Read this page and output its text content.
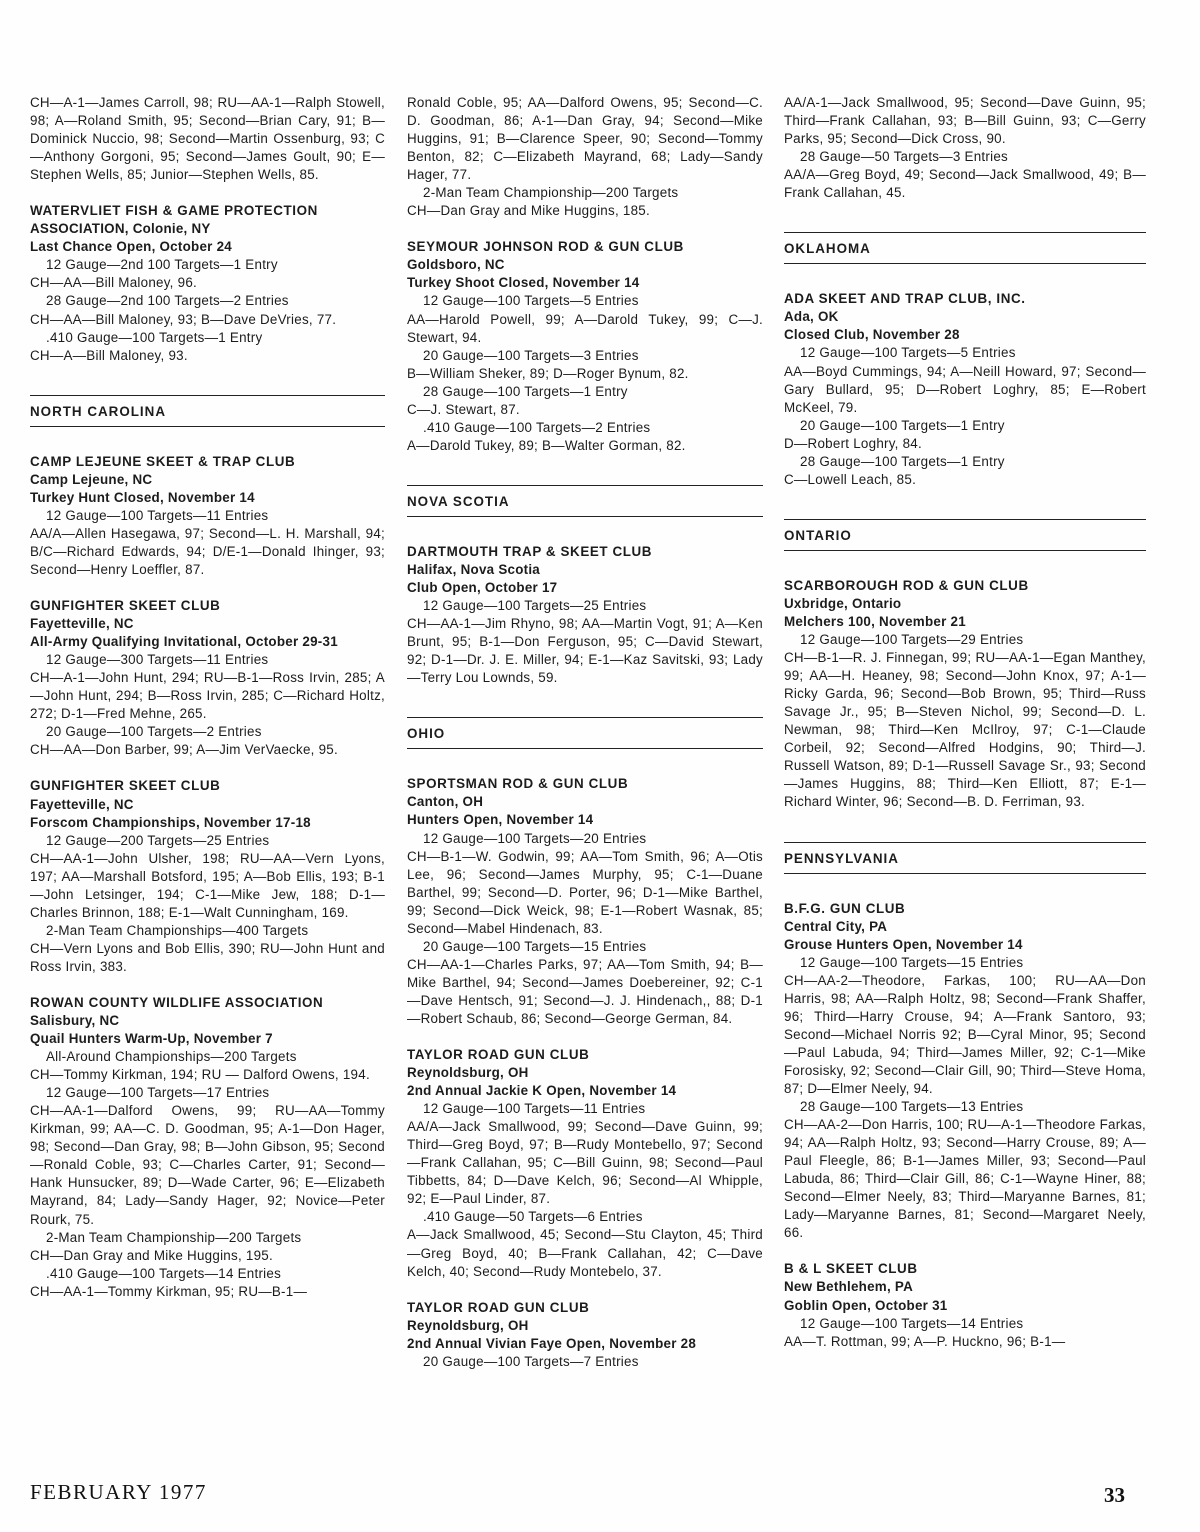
CH—A-1—James Carroll, 98; RU—AA-1—Ralph Stowell, 98; A—Roland Smith, 95; Second—Brian Cary, 91; B—Dominick Nuccio, 98; Second—Martin Ossenburg, 93; C—Anthony Gorgoni, 95; Second—James Goult, 90; E—Stephen Wells, 85; Junior—Stephen Wells, 85.

WATERVLIET FISH & GAME PROTECTION
ASSOCIATION, Colonie, NY
Last Chance Open, October 24

12 Gauge—2nd 100 Targets—1 Entry

CH—AA—Bill Maloney, 96.

28 Gauge—2nd 100 Targets—2 Entries

CH—AA—Bill Maloney, 93; B—Dave DeVries, 77.

.410 Gauge—100 Targets—1 Entry

CH—A—Bill Maloney, 93.

NORTH CAROLINA
CAMP LEJEUNE SKEET & TRAP CLUB
Camp Lejeune, NC
Turkey Hunt Closed, November 14

12 Gauge—100 Targets—11 Entries

AA/A—Allen Hasegawa, 97; Second—L. H. Marshall, 94; B/C—Richard Edwards, 94; D/E-1—Donald Ihinger, 93; Second—Henry Loeffler, 87.

GUNFIGHTER SKEET CLUB
Fayetteville, NC
All-Army Qualifying Invitational, October 29-31

12 Gauge—300 Targets—11 Entries

CH—A-1—John Hunt, 294; RU—B-1—Ross Irvin, 285; A—John Hunt, 294; B—Ross Irvin, 285; C—Richard Holtz, 272; D-1—Fred Mehne, 265.

20 Gauge—100 Targets—2 Entries

CH—AA—Don Barber, 99; A—Jim VerVaecke, 95.

GUNFIGHTER SKEET CLUB
Fayetteville, NC
Forscom Championships, November 17-18

12 Gauge—200 Targets—25 Entries

CH—AA-1—John Ulsher, 198; RU—AA—Vern Lyons, 197; AA—Marshall Botsford, 195; A—Bob Ellis, 193; B-1—John Letsinger, 194; C-1—Mike Jew, 188; D-1—Charles Brinnon, 188; E-1—Walt Cunningham, 169.

2-Man Team Championships—400 Targets

CH—Vern Lyons and Bob Ellis, 390; RU—John Hunt and Ross Irvin, 383.

ROWAN COUNTY WILDLIFE ASSOCIATION
Salisbury, NC
Quail Hunters Warm-Up, November 7

All-Around Championships—200 Targets

CH—Tommy Kirkman, 194; RU — Dalford Owens, 194.

12 Gauge—100 Targets—17 Entries

CH—AA-1—Dalford Owens, 99; RU—AA—Tommy Kirkman, 99; AA—C. D. Goodman, 95; A-1—Don Hager, 98; Second—Dan Gray, 98; B—John Gibson, 95; Second—Ronald Coble, 93; C—Charles Carter, 91; Second—Hank Hunsucker, 89; D—Wade Carter, 96; E—Elizabeth Mayrand, 84; Lady—Sandy Hager, 92; Novice—Peter Rourk, 75.

2-Man Team Championship—200 Targets

CH—Dan Gray and Mike Huggins, 195.

.410 Gauge—100 Targets—14 Entries

CH—AA-1—Tommy Kirkman, 95; RU—B-1—

Ronald Coble, 95; AA—Dalford Owens, 95; Second—C. D. Goodman, 86; A-1—Dan Gray, 94; Second—Mike Huggins, 91; B—Clarence Speer, 90; Second—Tommy Benton, 82; C—Elizabeth Mayrand, 68; Lady—Sandy Hager, 77.

2-Man Team Championship—200 Targets

CH—Dan Gray and Mike Huggins, 185.

SEYMOUR JOHNSON ROD & GUN CLUB
Goldsboro, NC
Turkey Shoot Closed, November 14

12 Gauge—100 Targets—5 Entries

AA—Harold Powell, 99; A—Darold Tukey, 99; C—J. Stewart, 94.

20 Gauge—100 Targets—3 Entries

B—William Sheker, 89; D—Roger Bynum, 82.

28 Gauge—100 Targets—1 Entry

C—J. Stewart, 87.

.410 Gauge—100 Targets—2 Entries

A—Darold Tukey, 89; B—Walter Gorman, 82.

NOVA SCOTIA
DARTMOUTH TRAP & SKEET CLUB
Halifax, Nova Scotia
Club Open, October 17

12 Gauge—100 Targets—25 Entries

CH—AA-1—Jim Rhyno, 98; AA—Martin Vogt, 91; A—Ken Brunt, 95; B-1—Don Ferguson, 95; C—David Stewart, 92; D-1—Dr. J. E. Miller, 94; E-1—Kaz Savitski, 93; Lady—Terry Lou Lownds, 59.

OHIO
SPORTSMAN ROD & GUN CLUB
Canton, OH
Hunters Open, November 14

12 Gauge—100 Targets—20 Entries

CH—B-1—W. Godwin, 99; AA—Tom Smith, 96; A—Otis Lee, 96; Second—James Murphy, 95; C-1—Duane Barthel, 99; Second—D. Porter, 96; D-1—Mike Barthel, 99; Second—Dick Weick, 98; E-1—Robert Wasnak, 85; Second—Mabel Hindenach, 83.

20 Gauge—100 Targets—15 Entries

CH—AA-1—Charles Parks, 97; AA—Tom Smith, 94; B—Mike Barthel, 94; Second—James Doebereiner, 92; C-1—Dave Hentsch, 91; Second—J. J. Hindenach,, 88; D-1—Robert Schaub, 86; Second—George German, 84.

TAYLOR ROAD GUN CLUB
Reynoldsburg, OH
2nd Annual Jackie K Open, November 14

12 Gauge—100 Targets—11 Entries

AA/A—Jack Smallwood, 99; Second—Dave Guinn, 99; Third—Greg Boyd, 97; B—Rudy Montebello, 97; Second—Frank Callahan, 95; C—Bill Guinn, 98; Second—Paul Tibbetts, 84; D—Dave Kelch, 96; Second—Al Whipple, 92; E—Paul Linder, 87.

.410 Gauge—50 Targets—6 Entries

A—Jack Smallwood, 45; Second—Stu Clayton, 45; Third—Greg Boyd, 40; B—Frank Callahan, 42; C—Dave Kelch, 40; Second—Rudy Montebelo, 37.

TAYLOR ROAD GUN CLUB
Reynoldsburg, OH
2nd Annual Vivian Faye Open, November 28

20 Gauge—100 Targets—7 Entries

AA/A-1—Jack Smallwood, 95; Second—Dave Guinn, 95; Third—Frank Callahan, 93; B—Bill Guinn, 93; C—Gerry Parks, 95; Second—Dick Cross, 90.

28 Gauge—50 Targets—3 Entries

AA/A—Greg Boyd, 49; Second—Jack Smallwood, 49; B—Frank Callahan, 45.

OKLAHOMA
ADA SKEET AND TRAP CLUB, INC.
Ada, OK
Closed Club, November 28

12 Gauge—100 Targets—5 Entries

AA—Boyd Cummings, 94; A—Neill Howard, 97; Second—Gary Bullard, 95; D—Robert Loghry, 85; E—Robert McKeel, 79.

20 Gauge—100 Targets—1 Entry

D—Robert Loghry, 84.

28 Gauge—100 Targets—1 Entry

C—Lowell Leach, 85.

ONTARIO
SCARBOROUGH ROD & GUN CLUB
Uxbridge, Ontario
Melchers 100, November 21

12 Gauge—100 Targets—29 Entries

CH—B-1—R. J. Finnegan, 99; RU—AA-1—Egan Manthey, 99; AA—H. Heaney, 98; Second—John Knox, 97; A-1—Ricky Garda, 96; Second—Bob Brown, 95; Third—Russ Savage Jr., 95; B—Steven Nichol, 99; Second—D. L. Newman, 98; Third—Ken McIlroy, 97; C-1—Claude Corbeil, 92; Second—Alfred Hodgins, 90; Third—J. Russell Watson, 89; D-1—Russell Savage Sr., 93; Second—James Huggins, 88; Third—Ken Elliott, 87; E-1—Richard Winter, 96; Second—B. D. Ferriman, 93.

PENNSYLVANIA
B.F.G. GUN CLUB
Central City, PA
Grouse Hunters Open, November 14

12 Gauge—100 Targets—15 Entries

CH—AA-2—Theodore, Farkas, 100; RU—AA—Don Harris, 98; AA—Ralph Holtz, 98; Second—Frank Shaffer, 96; Third—Harry Crouse, 94; A—Frank Santoro, 93; Second—Michael Norris 92; B—Cyral Minor, 95; Second—Paul Labuda, 94; Third—James Miller, 92; C-1—Mike Forosisky, 92; Second—Clair Gill, 90; Third—Steve Homa, 87; D—Elmer Neely, 94.

28 Gauge—100 Targets—13 Entries

CH—AA-2—Don Harris, 100; RU—A-1—Theodore Farkas, 94; AA—Ralph Holtz, 93; Second—Harry Crouse, 89; A—Paul Fleegle, 86; B-1—James Miller, 93; Second—Paul Labuda, 86; Third—Clair Gill, 86; C-1—Wayne Hiner, 88; Second—Elmer Neely, 83; Third—Maryanne Barnes, 81; Lady—Maryanne Barnes, 81; Second—Margaret Neely, 66.

B & L SKEET CLUB
New Bethlehem, PA
Goblin Open, October 31

12 Gauge—100 Targets—14 Entries

AA—T. Rottman, 99; A—P. Huckno, 96; B-1—

FEBRUARY 1977	33
